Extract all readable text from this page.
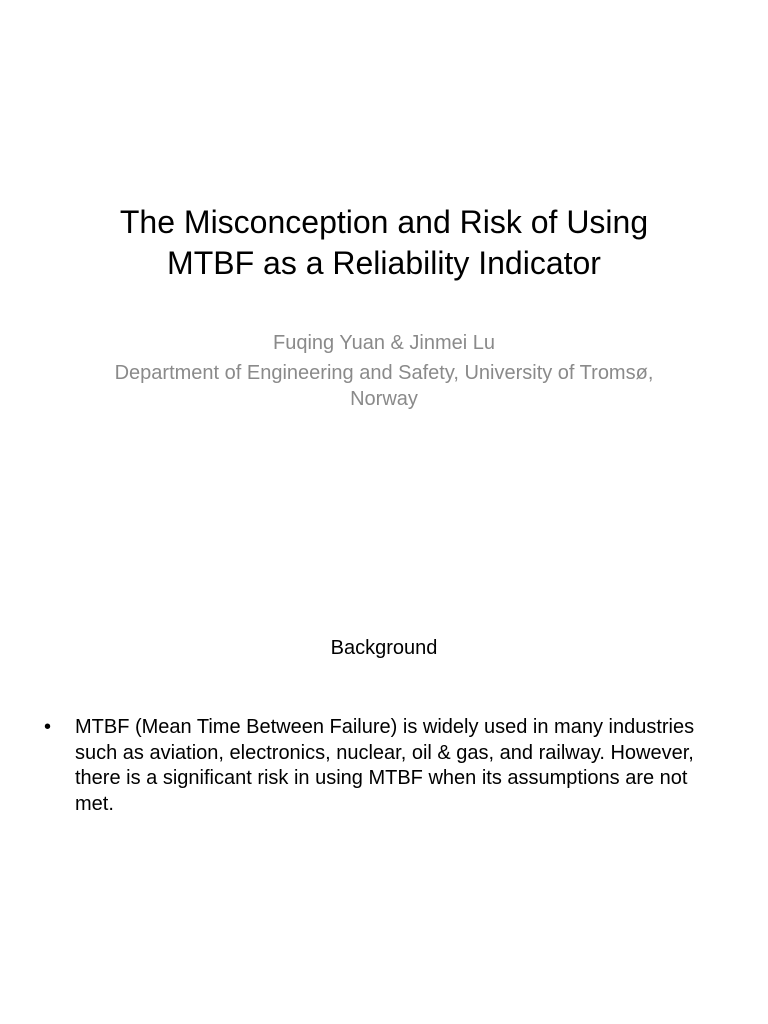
The Misconception and Risk of Using
MTBF as a Reliability Indicator
Fuqing Yuan & Jinmei Lu
Department of Engineering and Safety, University of Tromsø, Norway
Background
• MTBF (Mean Time Between Failure) is widely used in many industries such as aviation, electronics, nuclear, oil & gas, and railway. However, there is a significant risk in using MTBF when its assumptions are not met.
